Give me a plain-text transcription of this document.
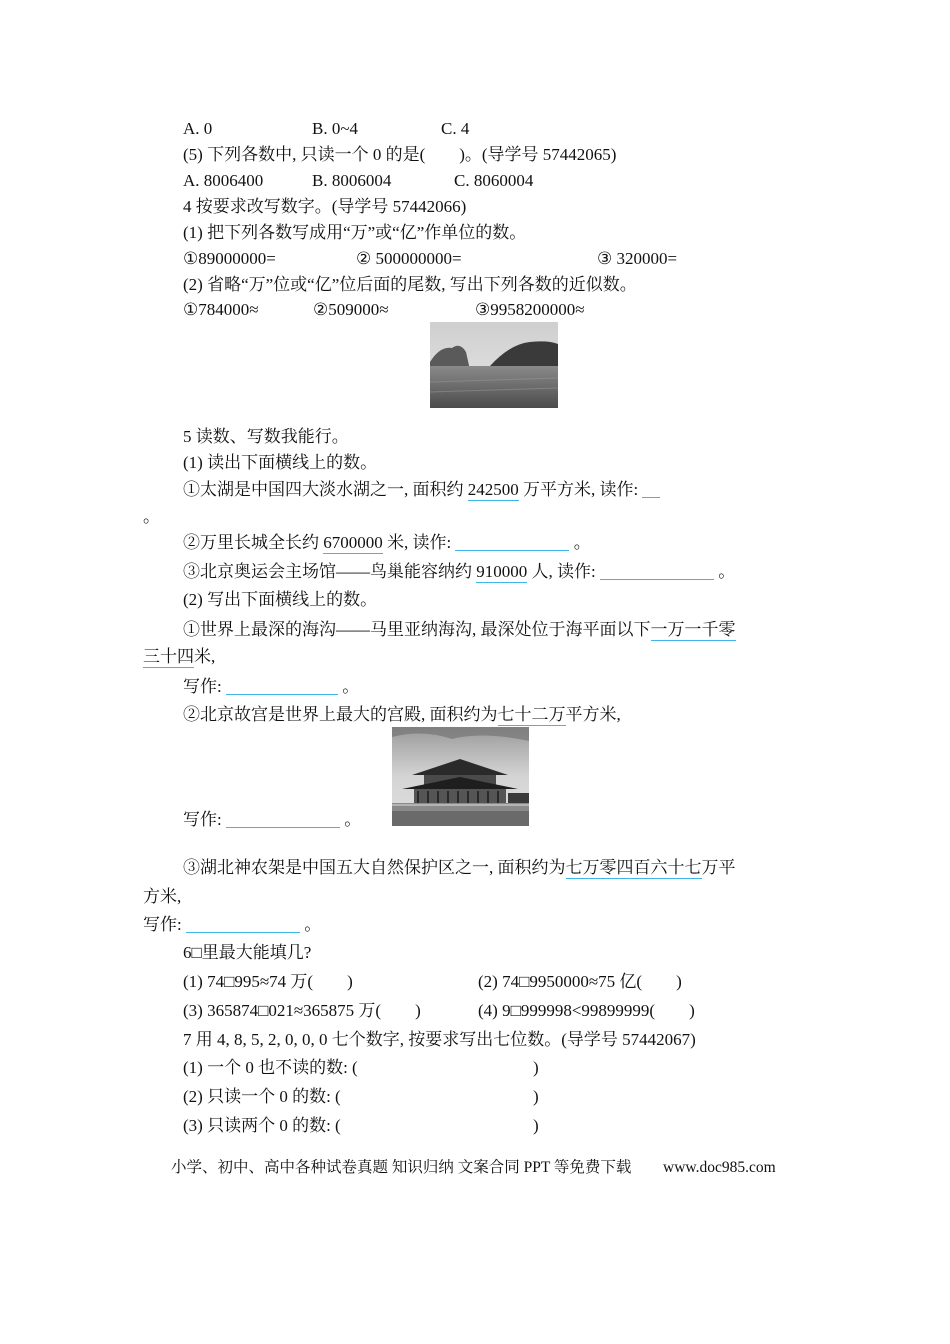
A. 0	B. 0~4	C. 4
(5) 下列各数中, 只读一个 0 的是(　　)。(导学号 57442065)
A. 8006400	B. 8006004	C. 8060004
4 按要求改写数字。(导学号 57442066)
(1) 把下列各数写成用“万”或“亿”作单位的数。
①89000000=	② 500000000=	③ 320000=
(2) 省略“万”位或“亿”位后面的尾数, 写出下列各数的近似数。
①784000≈	②509000≈	③9958200000≈
5 读数、写数我能行。
(1) 读出下面横线上的数。
①太湖是中国四大淡水湖之一, 面积约 242500 万平方米, 读作:
。
②万里长城全长约 6700000 米, 读作:	。
③北京奥运会主场馆——鸟巢能容纳约 910000 人, 读作:	。
(2) 写出下面横线上的数。
①世界上最深的海沟——马里亚纳海沟, 最深处位于海平面以下一万一千零
三十四米,
写作:	。
②北京故宫是世界上最大的宫殿, 面积约为七十二万平方米,
写作:	。
③湖北神农架是中国五大自然保护区之一, 面积约为七万零四百六十七万平
方米,
写作:	。
6□里最大能填几?
(1) 74□995≈74 万(　　)	(2) 74□9950000≈75 亿(　　)
(3) 365874□021≈365875 万(　　)	(4) 9□999998<99899999(　　)
7 用 4, 8, 5, 2, 0, 0, 0 七个数字, 按要求写出七位数。(导学号 57442067)
(1) 一个 0 也不读的数: (	)
(2) 只读一个 0 的数: (	)
(3) 只读两个 0 的数: (	)
小学、初中、高中各种试卷真题 知识归纳 文案合同 PPT 等免费下载 www.doc985.com
